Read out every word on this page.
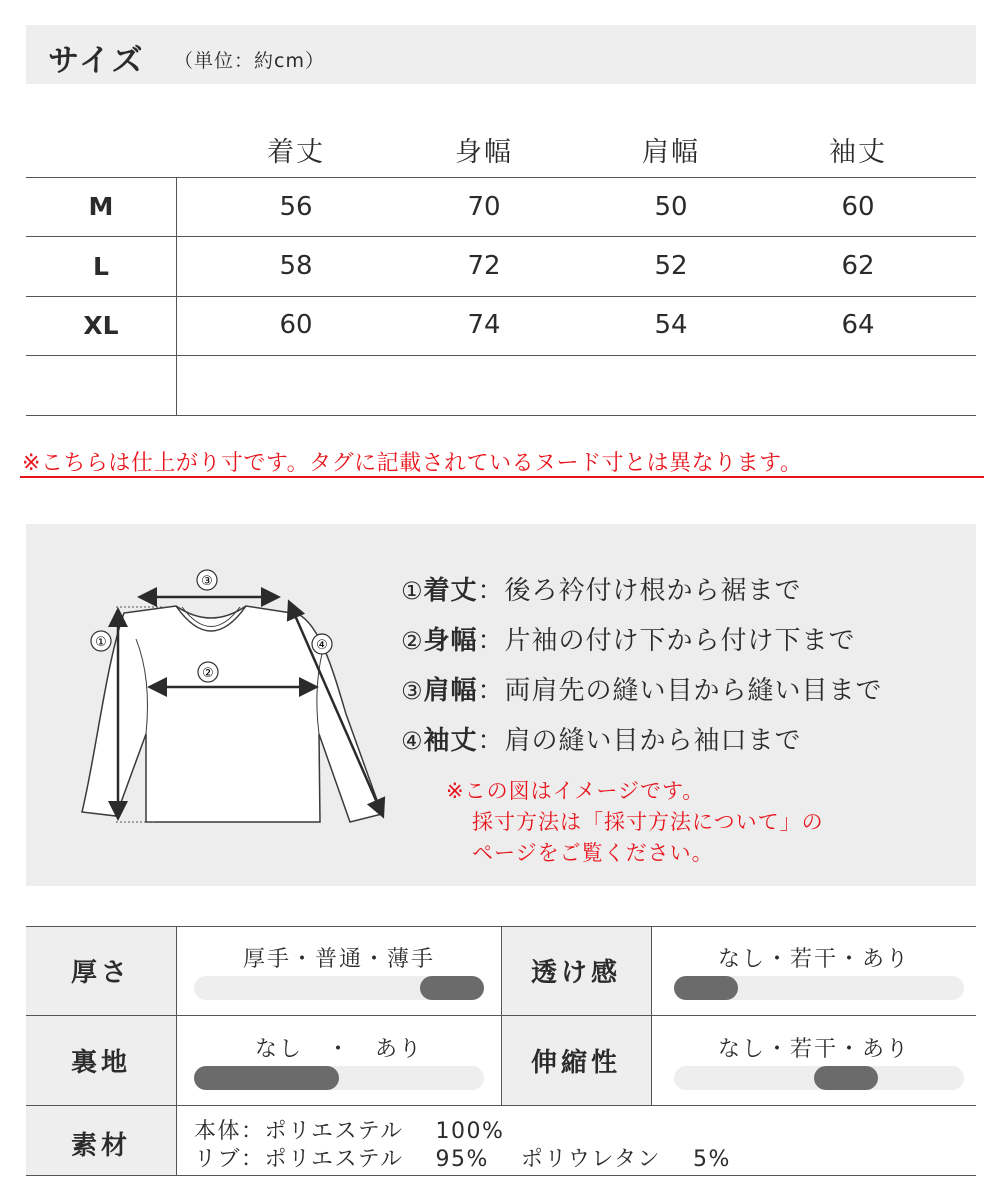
サイズ （単位：約cm）
着丈	身幅	肩幅	袖丈
M	56	70	50	60
L	58	72	52	62
XL	60	74	54	64
※こちらは仕上がり寸です。タグに記載されているヌード寸とは異なります。
①
②
③
④
①着丈：後ろ衿付け根から裾まで
②身幅：片袖の付け下から付け下まで
③肩幅：両肩先の縫い目から縫い目まで
④袖丈：肩の縫い目から袖口まで
※この図はイメージです。
採寸方法は「採寸方法について」の
ページをご覧ください。
厚さ	厚手・普通・薄手	透け感	なし・若干・あり
裏地	なし　・　あり	伸縮性	なし・若干・あり
素材	本体：ポリエステル　 100%
リブ：ポリエステル　 95%　 ポリウレタン　 5%
